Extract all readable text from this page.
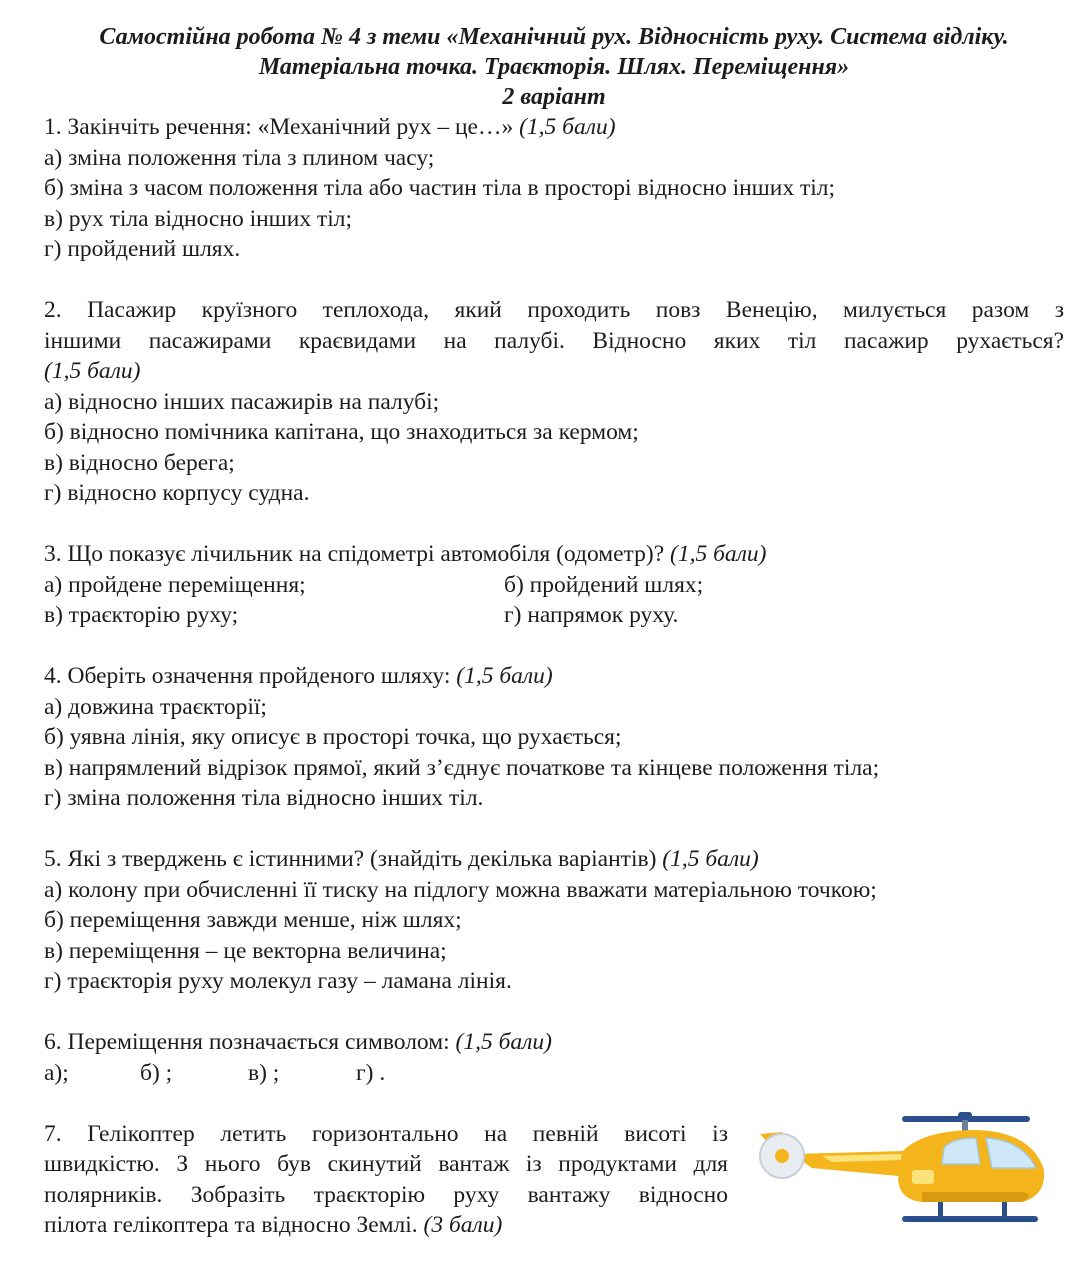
Самостійна робота № 4 з теми «Механічний рух. Відносність руху. Система відліку.
Матеріальна точка. Траєкторія. Шлях. Переміщення»
2 варіант
1. Закінчіть речення: «Механічний рух – це…» (1,5 бали)
а) зміна положення тіла з плином часу;
б) зміна з часом положення тіла або частин тіла в просторі відносно інших тіл;
в) рух тіла відносно інших тіл;
г) пройдений шлях.
2. Пасажир круїзного теплохода, який проходить повз Венецію, милується разом з
іншими пасажирами краєвидами на палубі. Відносно яких тіл пасажир рухається?
(1,5 бали)
а) відносно інших пасажирів на палубі;
б) відносно помічника капітана, що знаходиться за кермом;
в) відносно берега;
г) відносно корпусу судна.
3. Що показує лічильник на спідометрі автомобіля (одометр)? (1,5 бали)
а) пройдене переміщення;	б) пройдений шлях;
в) траєкторію руху;	г) напрямок руху.
4. Оберіть означення пройденого шляху: (1,5 бали)
а) довжина траєкторії;
б) уявна лінія, яку описує в просторі точка, що рухається;
в) напрямлений відрізок прямої, який з’єднує початкове та кінцеве положення тіла;
г) зміна положення тіла відносно інших тіл.
5. Які з тверджень є істинними? (знайдіть декілька варіантів) (1,5 бали)
а) колону при обчисленні її тиску на підлогу можна вважати матеріальною точкою;
б) переміщення завжди менше, ніж шлях;
в) переміщення – це векторна величина;
г) траєкторія руху молекул газу – ламана лінія.
6. Переміщення позначається символом: (1,5 бали)
а);	б) ;	в) ;	г) .
7. Гелікоптер летить горизонтально на певній висоті із
швидкістю. З нього був скинутий вантаж із продуктами для
полярників. Зобразіть траєкторію руху вантажу відносно
пілота гелікоптера та відносно Землі. (3 бали)
